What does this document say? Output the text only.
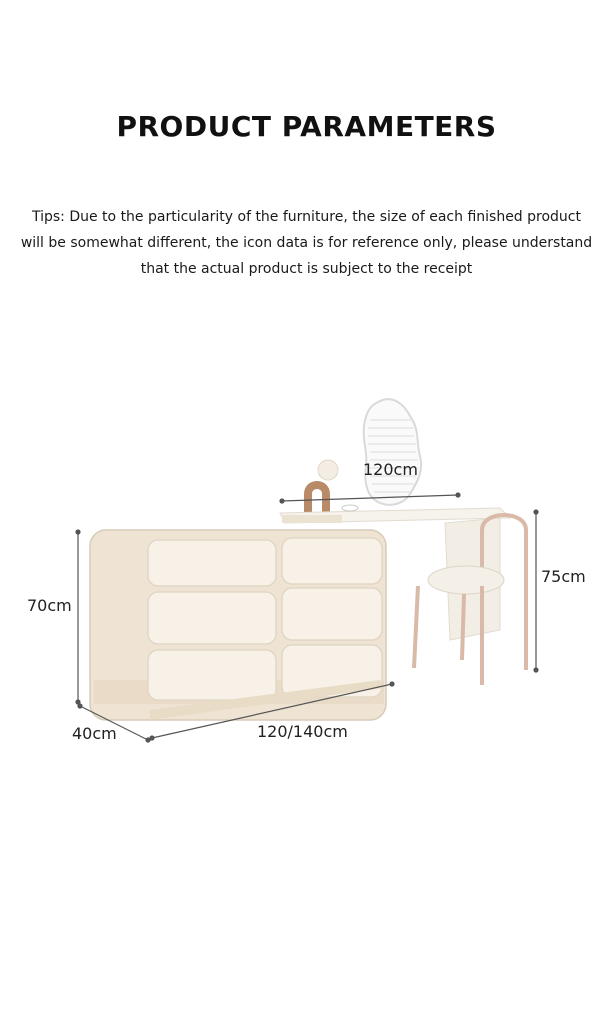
PRODUCT PARAMETERS
Tips: Due to the particularity of the furniture, the size of each finished product will be somewhat different, the icon data is for reference only, please understand that the actual product is subject to the receipt
120cm
75cm
70cm
40cm	120/140cm
